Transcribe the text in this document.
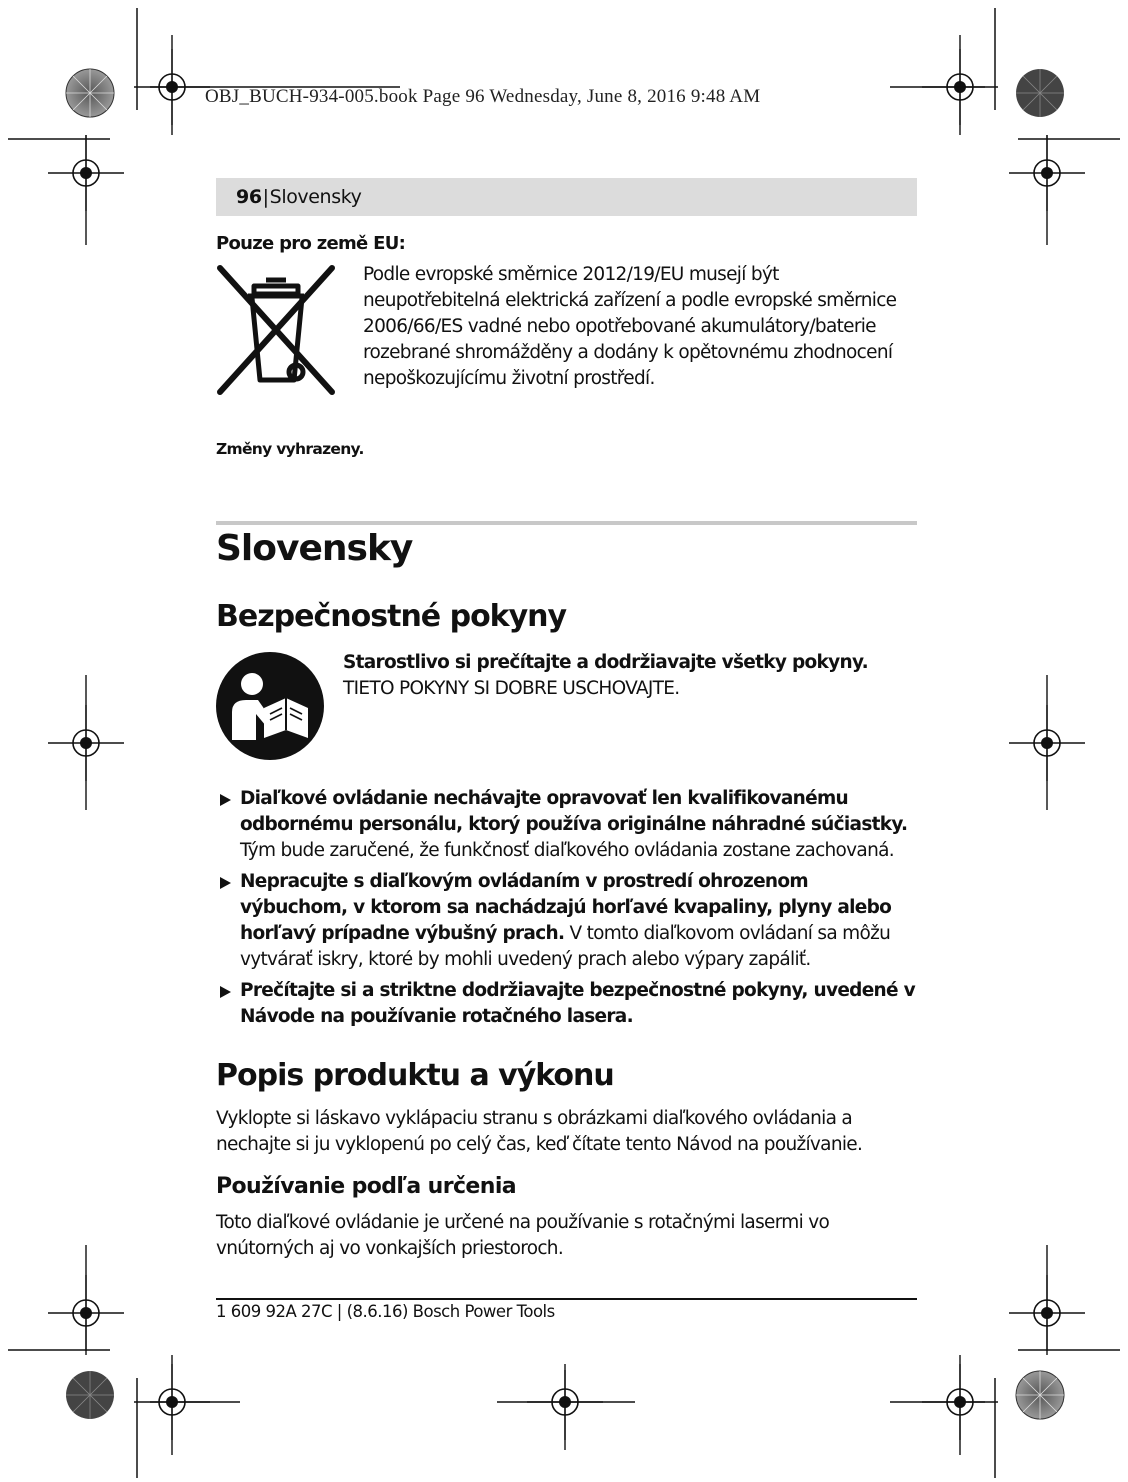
OBJ_BUCH-934-005.book Page 96 Wednesday, June 8, 2016 9:48 AM
96|Slovensky
Pouze pro země EU:
Podle evropské směrnice 2012/19/EU musejí být neupotřebitelná elektrická zařízení a podle evropské směrnice 2006/66/ES vadné nebo opotřebované akumulátory/baterie rozebrané shromážděny a dodány k opětovnému zhodnocení nepoškozujícímu životní prostředí.
Změny vyhrazeny.
Slovensky
Bezpečnostné pokyny
Starostlivo si prečítajte a dodržiavajte všetky pokyny. TIETO POKYNY SI DOBRE USCHOVAJTE.
Diaľkové ovládanie nechávajte opravovať len kvalifikovanému odbornému personálu, ktorý používa originálne náhradné súčiastky. Tým bude zaručené, že funkčnosť diaľkového ovládania zostane zachovaná.
Nepracujte s diaľkovým ovládaním v prostredí ohrozenom výbuchom, v ktorom sa nachádzajú horľavé kvapaliny, plyny alebo horľavý prípadne výbušný prach. V tomto diaľkovom ovládaní sa môžu vytvárať iskry, ktoré by mohli uvedený prach alebo výpary zapáliť.
Prečítajte si a striktne dodržiavajte bezpečnostné pokyny, uvedené v Návode na používanie rotačného lasera.
Popis produktu a výkonu
Vyklopte si láskavo vyklápaciu stranu s obrázkami diaľkového ovládania a nechajte si ju vyklopenú po celý čas, keď čítate tento Návod na používanie.
Používanie podľa určenia
Toto diaľkové ovládanie je určené na používanie s rotačnými lasermi vo vnútorných aj vo vonkajších priestoroch.
1 609 92A 27C | (8.6.16) Bosch Power Tools
